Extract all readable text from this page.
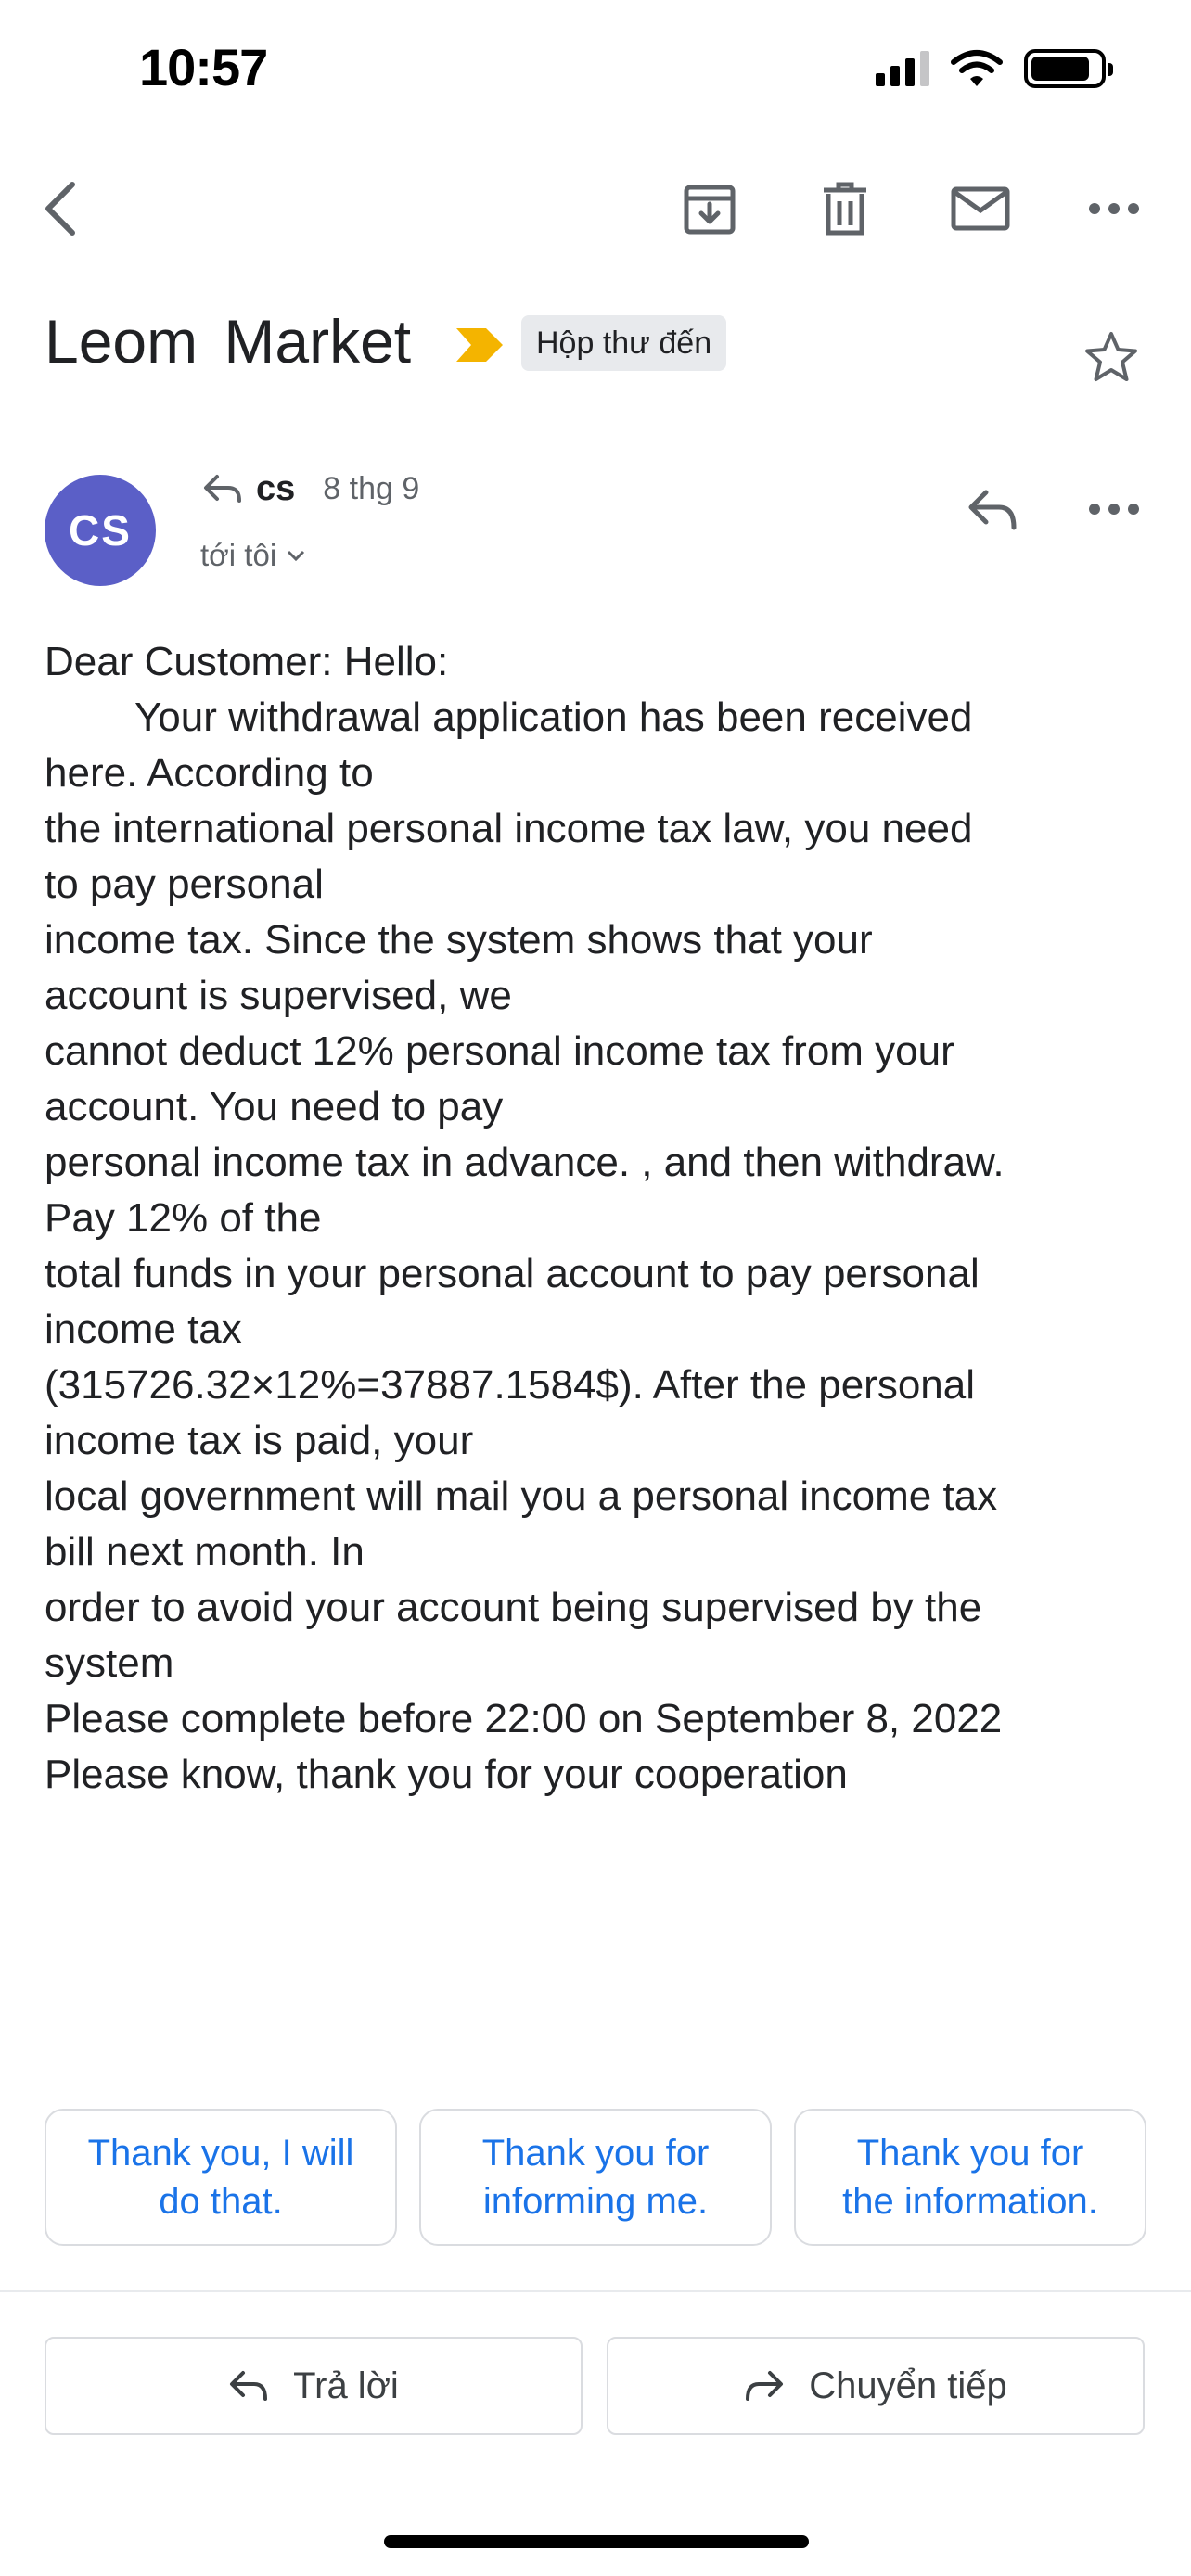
10:57
Leom Market	Hộp thư đến
CS
cs 8 thg 9
tới tôi
Dear Customer: Hello:
Your withdrawal application has been received
here. According to
the international personal income tax law, you need
to pay personal
income tax. Since the system shows that your
account is supervised, we
cannot deduct 12% personal income tax from your
account. You need to pay
personal income tax in advance. , and then withdraw.
Pay 12% of the
total funds in your personal account to pay personal
income tax
(315726.32×12%=37887.1584$). After the personal
income tax is paid, your
local government will mail you a personal income tax
bill next month. In
order to avoid your account being supervised by the
system
Please complete before 22:00 on September 8, 2022
Please know, thank you for your cooperation
Thank you, I will
do that.
Thank you for
informing me.
Thank you for
the information.
Trả lời	Chuyển tiếp
